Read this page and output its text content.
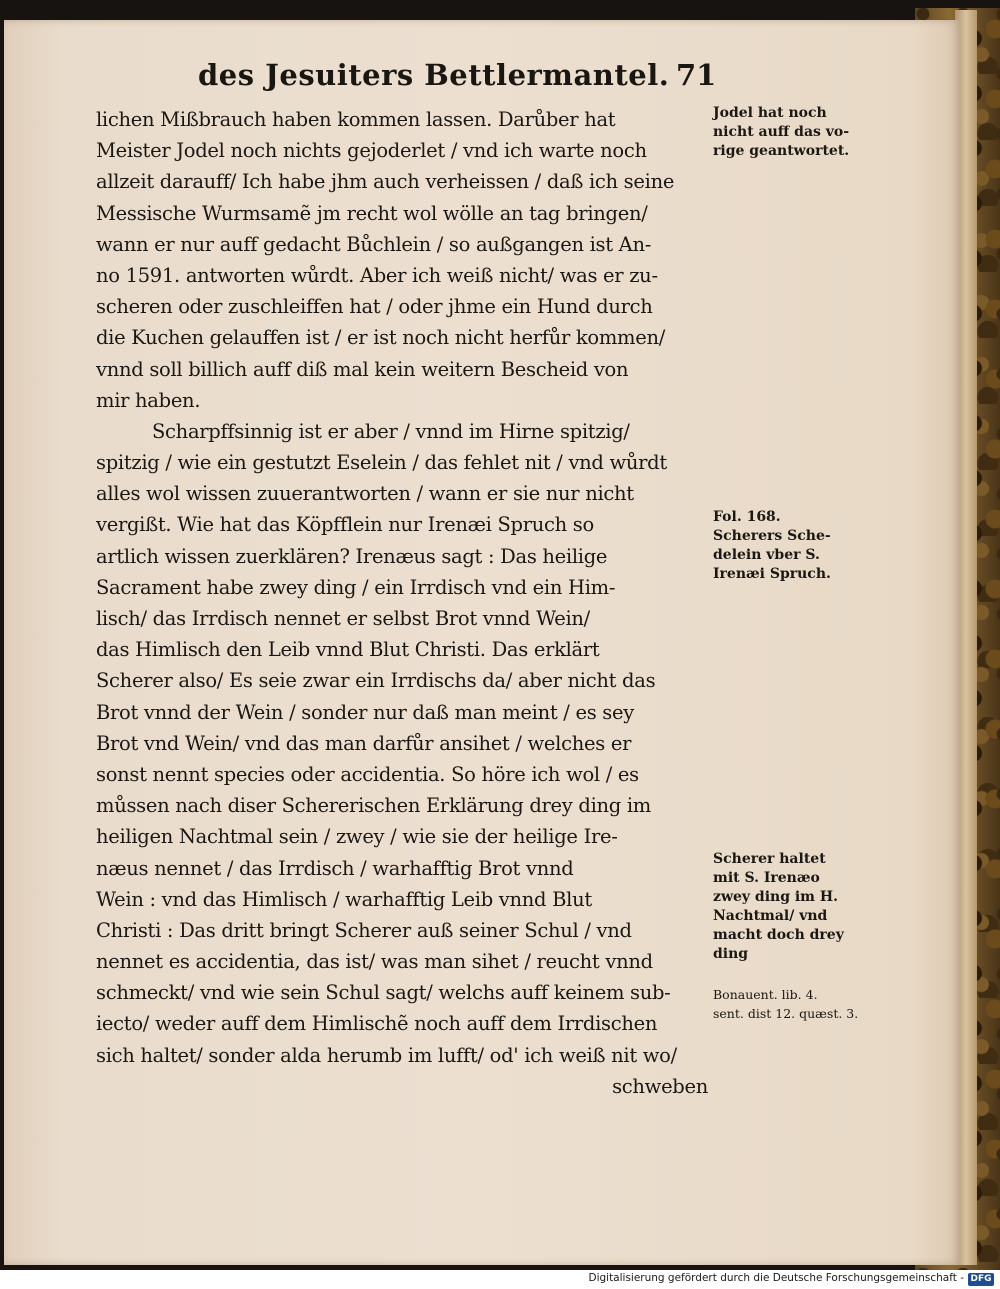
des Jesuiters Bettlermantel. 71
lichen Mißbrauch haben kommen lassen. Darůber hat
Meister Jodel noch nichts gejoderlet / vnd ich warte noch
allzeit darauff/ Ich habe jhm auch verheissen / daß ich seine
Messische Wurmsamẽ jm recht wol wölle an tag bringen/
wann er nur auff gedacht Bůchlein / so außgangen ist An-
no 1591. antworten wůrdt. Aber ich weiß nicht/ was er zu-
scheren oder zuschleiffen hat / oder jhme ein Hund durch
die Kuchen gelauffen ist / er ist noch nicht herfůr kommen/
vnnd soll billich auff diß mal kein weitern Bescheid von
mir haben.
Scharpffsinnig ist er aber / vnnd im Hirne spitzig/
spitzig / wie ein gestutzt Eselein / das fehlet nit / vnd wůrdt
alles wol wissen zuuerantworten / wann er sie nur nicht
vergißt. Wie hat das Köpfflein nur Irenæi Spruch so
artlich wissen zuerklären? Irenæus sagt : Das heilige
Sacrament habe zwey ding / ein Irrdisch vnd ein Him-
lisch/ das Irrdisch nennet er selbst Brot vnnd Wein/
das Himlisch den Leib vnnd Blut Christi. Das erklärt
Scherer also/ Es seie zwar ein Irrdischs da/ aber nicht das
Brot vnnd der Wein / sonder nur daß man meint / es sey
Brot vnd Wein/ vnd das man darfůr ansihet / welches er
sonst nennt species oder accidentia. So höre ich wol / es
můssen nach diser Schererischen Erklärung drey ding im
heiligen Nachtmal sein / zwey / wie sie der heilige Ire-
næus nennet / das Irrdisch / warhafftig Brot vnnd
Wein : vnd das Himlisch / warhafftig Leib vnnd Blut
Christi : Das dritt bringt Scherer auß seiner Schul / vnd
nennet es accidentia, das ist/ was man sihet / reucht vnnd
schmeckt/ vnd wie sein Schul sagt/ welchs auff keinem sub-
iecto/ weder auff dem Himlischẽ noch auff dem Irrdischen
sich haltet/ sonder alda herumb im lufft/ od' ich weiß nit wo/
schweben
Jodel hat noch
nicht auff das vo-
rige geantwortet.
Fol. 168.
Scherers Sche-
delein vber S.
Irenæi Spruch.
Scherer haltet
mit S. Irenæo
zwey ding im H.
Nachtmal/ vnd
macht doch drey
ding
Bonauent. lib. 4.
sent. dist 12. quæst. 3.
Digitalisierung gefördert durch die Deutsche Forschungsgemeinschaft - DFG
